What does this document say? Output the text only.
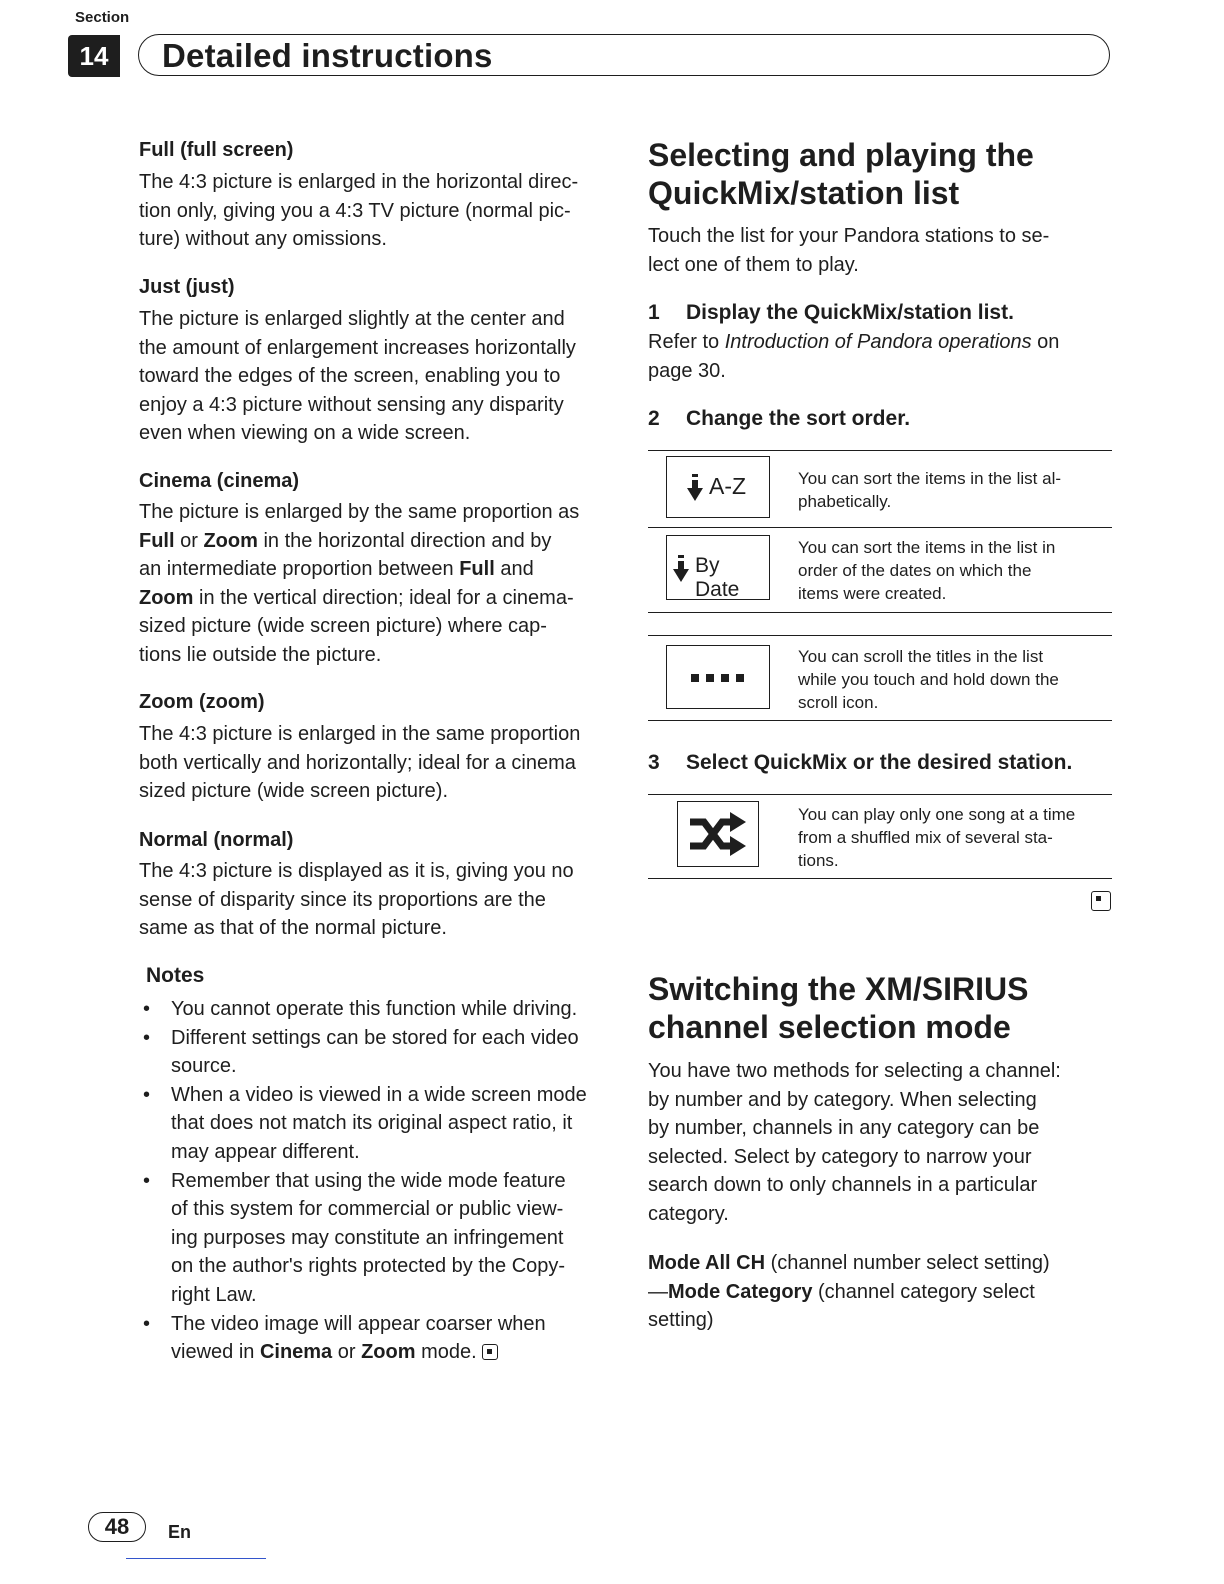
Section
14	Detailed instructions
Full (full screen)
The 4:3 picture is enlarged in the horizontal direc-
tion only, giving you a 4:3 TV picture (normal pic-
ture) without any omissions.
Just (just)
The picture is enlarged slightly at the center and
the amount of enlargement increases horizontally
toward the edges of the screen, enabling you to
enjoy a 4:3 picture without sensing any disparity
even when viewing on a wide screen.
Cinema (cinema)
The picture is enlarged by the same proportion as
Full or Zoom in the horizontal direction and by
an intermediate proportion between Full and
Zoom in the vertical direction; ideal for a cinema-
sized picture (wide screen picture) where cap-
tions lie outside the picture.
Zoom (zoom)
The 4:3 picture is enlarged in the same proportion
both vertically and horizontally; ideal for a cinema
sized picture (wide screen picture).
Normal (normal)
The 4:3 picture is displayed as it is, giving you no
sense of disparity since its proportions are the
same as that of the normal picture.
Notes
• You cannot operate this function while driving.
• Different settings can be stored for each video
source.
• When a video is viewed in a wide screen mode
that does not match its original aspect ratio, it
may appear different.
• Remember that using the wide mode feature
of this system for commercial or public view-
ing purposes may constitute an infringement
on the author's rights protected by the Copy-
right Law.
• The video image will appear coarser when
viewed in Cinema or Zoom mode.
Selecting and playing the
QuickMix/station list
Touch the list for your Pandora stations to se-
lect one of them to play.
1 Display the QuickMix/station list.
Refer to Introduction of Pandora operations on
page 30.
2 Change the sort order.
A-Z	You can sort the items in the list al-
phabetically.
By Date
You can sort the items in the list in
order of the dates on which the
items were created.
You can scroll the titles in the list
while you touch and hold down the
scroll icon.
3 Select QuickMix or the desired station.
You can play only one song at a time
from a shuffled mix of several sta-
tions.
Switching the XM/SIRIUS
channel selection mode
You have two methods for selecting a channel:
by number and by category. When selecting
by number, channels in any category can be
selected. Select by category to narrow your
search down to only channels in a particular
category.
Mode All CH (channel number select setting)
—Mode Category (channel category select
setting)
48	En
